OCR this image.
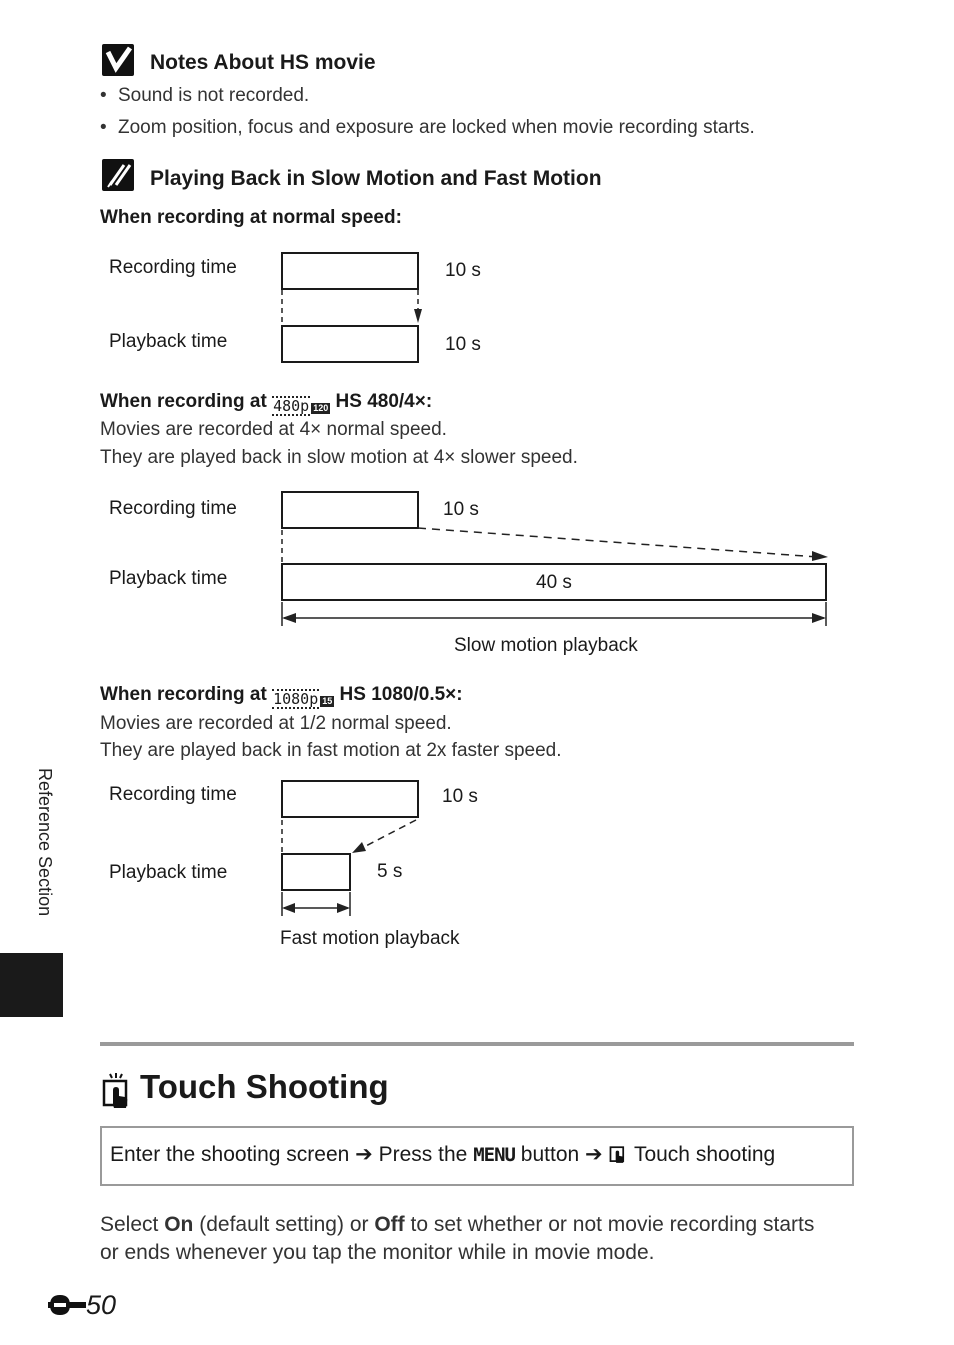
Notes About HS movie
• Sound is not recorded.
• Zoom position, focus and exposure are locked when movie recording starts.
Playing Back in Slow Motion and Fast Motion
When recording at normal speed:
Recording time
Playback time
10 s
10 s
When recording at 480p 120 HS 480/4×:
Movies are recorded at 4× normal speed.
They are played back in slow motion at 4× slower speed.
Recording time
Playback time
10 s
40 s
Slow motion playback
When recording at 1080p 15 HS 1080/0.5×:
Movies are recorded at 1/2 normal speed.
They are played back in fast motion at 2x faster speed.
Recording time
Playback time
10 s
5 s
Fast motion playback
Reference Section
Touch Shooting
Enter the shooting screen ➔ Press the MENU button ➔ Touch shooting
Select On (default setting) or Off to set whether or not movie recording starts
or ends whenever you tap the monitor while in movie mode.
50
